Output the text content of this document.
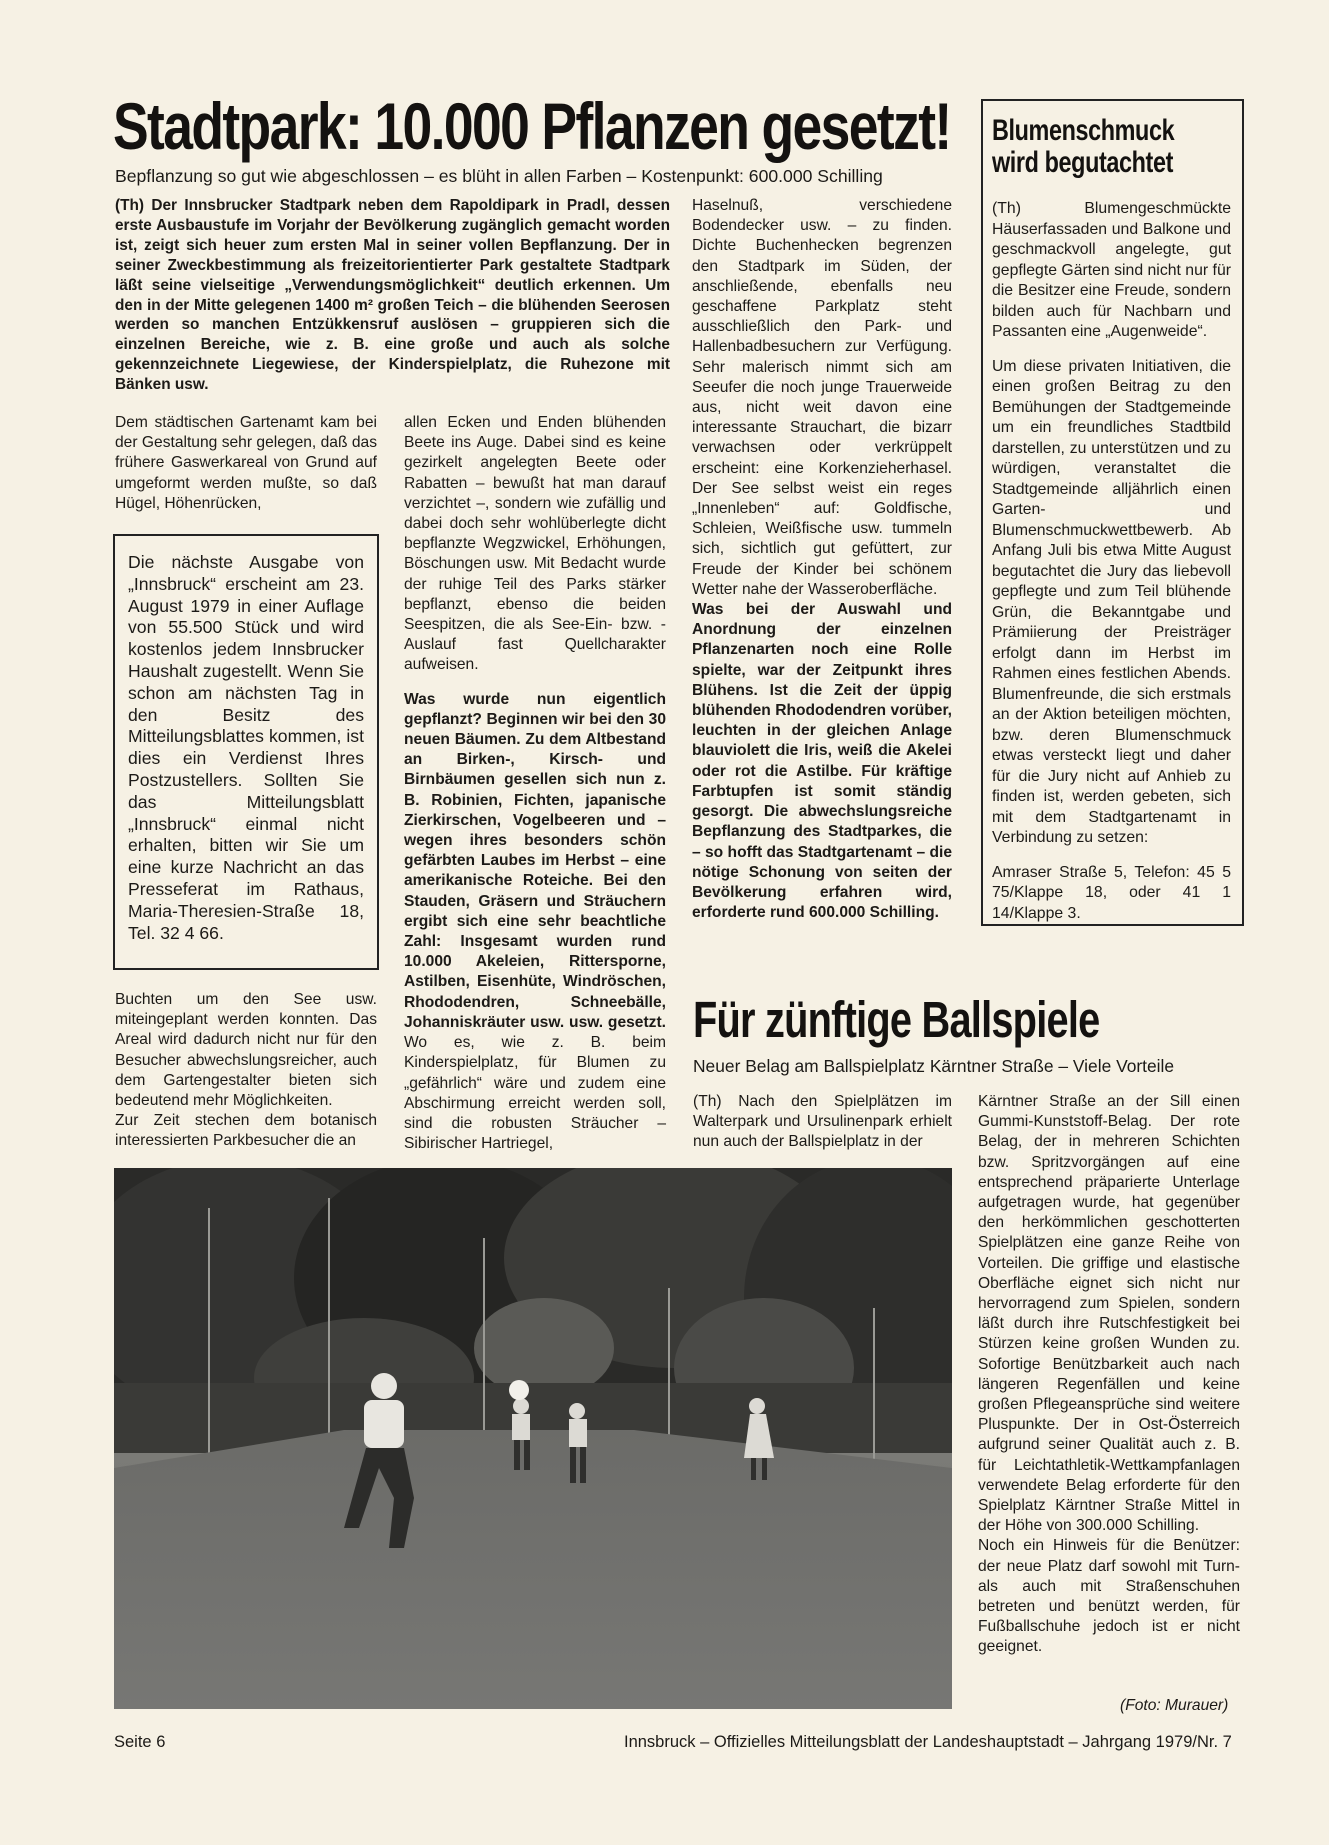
Stadtpark: 10.000 Pflanzen gesetzt!
Bepflanzung so gut wie abgeschlossen – es blüht in allen Farben – Kostenpunkt: 600.000 Schilling
(Th) Der Innsbrucker Stadtpark neben dem Rapoldipark in Pradl, dessen erste Ausbaustufe im Vorjahr der Bevölkerung zugänglich gemacht worden ist, zeigt sich heuer zum ersten Mal in seiner vollen Bepflanzung. Der in seiner Zweckbestimmung als freizeitorientierter Park gestaltete Stadtpark läßt seine vielseitige „Verwendungsmöglichkeit“ deutlich erkennen. Um den in der Mitte gelegenen 1400 m² großen Teich – die blühenden Seerosen werden so manchen Entzükkensruf auslösen – gruppieren sich die einzelnen Bereiche, wie z. B. eine große und auch als solche gekennzeichnete Liegewiese, der Kinderspielplatz, die Ruhezone mit Bänken usw.
Dem städtischen Gartenamt kam bei der Gestaltung sehr gelegen, daß das frühere Gaswerkareal von Grund auf umgeformt werden mußte, so daß Hügel, Höhenrücken,
Die nächste Ausgabe von „Innsbruck“ erscheint am 23. August 1979 in einer Auflage von 55.500 Stück und wird kostenlos jedem Innsbrucker Haushalt zugestellt. Wenn Sie schon am nächsten Tag in den Besitz des Mitteilungsblattes kommen, ist dies ein Verdienst Ihres Postzustellers. Sollten Sie das Mitteilungsblatt „Innsbruck“ einmal nicht erhalten, bitten wir Sie um eine kurze Nachricht an das Presseferat im Rathaus, Maria-Theresien-Straße 18, Tel. 32 4 66.

Buchten um den See usw. miteingeplant werden konnten. Das Areal wird dadurch nicht nur für den Besucher abwechslungsreicher, auch dem Gartengestalter bieten sich bedeutend mehr Möglichkeiten.

Zur Zeit stechen dem botanisch interessierten Parkbesucher die an

allen Ecken und Enden blühenden Beete ins Auge. Dabei sind es keine gezirkelt angelegten Beete oder Rabatten – bewußt hat man darauf verzichtet –, sondern wie zufällig und dabei doch sehr wohlüberlegte dicht bepflanzte Wegzwickel, Erhöhungen, Böschungen usw. Mit Bedacht wurde der ruhige Teil des Parks stärker bepflanzt, ebenso die beiden Seespitzen, die als See-Ein- bzw. -Auslauf fast Quellcharakter aufweisen.

Was wurde nun eigentlich gepflanzt? Beginnen wir bei den 30 neuen Bäumen. Zu dem Altbestand an Birken-, Kirsch- und Birnbäumen gesellen sich nun z. B. Robinien, Fichten, japanische Zierkirschen, Vogelbeeren und – wegen ihres besonders schön gefärbten Laubes im Herbst – eine amerikanische Roteiche. Bei den Stauden, Gräsern und Sträuchern ergibt sich eine sehr beachtliche Zahl: Insgesamt wurden rund 10.000 Akeleien, Rittersporne, Astilben, Eisenhüte, Windröschen, Rhododendren, Schneebälle, Johanniskräuter usw. usw. gesetzt. Wo es, wie z. B. beim Kinderspielplatz, für Blumen zu „gefährlich“ wäre und zudem eine Abschirmung erreicht werden soll, sind die robusten Sträucher – Sibirischer Hartriegel,

Haselnuß, verschiedene Bodendecker usw. – zu finden. Dichte Buchenhecken begrenzen den Stadtpark im Süden, der anschließende, ebenfalls neu geschaffene Parkplatz steht ausschließlich den Park- und Hallenbadbesuchern zur Verfügung. Sehr malerisch nimmt sich am Seeufer die noch junge Trauerweide aus, nicht weit davon eine interessante Strauchart, die bizarr verwachsen oder verkrüppelt erscheint: eine Korkenzieherhasel. Der See selbst weist ein reges „Innenleben“ auf: Goldfische, Schleien, Weißfische usw. tummeln sich, sichtlich gut gefüttert, zur Freude der Kinder bei schönem Wetter nahe der Wasseroberfläche.

Was bei der Auswahl und Anordnung der einzelnen Pflanzenarten noch eine Rolle spielte, war der Zeitpunkt ihres Blühens. Ist die Zeit der üppig blühenden Rhododendren vorüber, leuchten in der gleichen Anlage blauviolett die Iris, weiß die Akelei oder rot die Astilbe. Für kräftige Farbtupfen ist somit ständig gesorgt. Die abwechslungsreiche Bepflanzung des Stadtparkes, die – so hofft das Stadtgartenamt – die nötige Schonung von seiten der Bevölkerung erfahren wird, erforderte rund 600.000 Schilling.

Blumenschmuck
wird begutachtet

(Th) Blumengeschmückte Häuserfassaden und Balkone und geschmackvoll angelegte, gut gepflegte Gärten sind nicht nur für die Besitzer eine Freude, sondern bilden auch für Nachbarn und Passanten eine „Augenweide“.

Um diese privaten Initiativen, die einen großen Beitrag zu den Bemühungen der Stadtgemeinde um ein freundliches Stadtbild darstellen, zu unterstützen und zu würdigen, veranstaltet die Stadtgemeinde alljährlich einen Garten- und Blumenschmuckwettbewerb. Ab Anfang Juli bis etwa Mitte August begutachtet die Jury das liebevoll gepflegte und zum Teil blühende Grün, die Bekanntgabe und Prämiierung der Preisträger erfolgt dann im Herbst im Rahmen eines festlichen Abends. Blumenfreunde, die sich erstmals an der Aktion beteiligen möchten, bzw. deren Blumenschmuck etwas versteckt liegt und daher für die Jury nicht auf Anhieb zu finden ist, werden gebeten, sich mit dem Stadtgartenamt in Verbindung zu setzen:

Amraser Straße 5, Telefon: 45 5 75/Klappe 18, oder 41 1 14/Klappe 3.

Für zünftige Ballspiele
Neuer Belag am Ballspielplatz Kärntner Straße – Viele Vorteile
(Th) Nach den Spielplätzen im Walterpark und Ursulinenpark erhielt nun auch der Ballspielplatz in der

Kärntner Straße an der Sill einen Gummi-Kunststoff-Belag. Der rote Belag, der in mehreren Schichten bzw. Spritzvorgängen auf eine entsprechend präparierte Unterlage aufgetragen wurde, hat gegenüber den herkömmlichen geschotterten Spielplätzen eine ganze Reihe von Vorteilen. Die griffige und elastische Oberfläche eignet sich nicht nur hervorragend zum Spielen, sondern läßt durch ihre Rutschfestigkeit bei Stürzen keine großen Wunden zu. Sofortige Benützbarkeit auch nach längeren Regenfällen und keine großen Pflegeansprüche sind weitere Pluspunkte. Der in Ost-Österreich aufgrund seiner Qualität auch z. B. für Leichtathletik-Wettkampfanlagen verwendete Belag erforderte für den Spielplatz Kärntner Straße Mittel in der Höhe von 300.000 Schilling.

Noch ein Hinweis für die Benützer: der neue Platz darf sowohl mit Turn- als auch mit Straßenschuhen betreten und benützt werden, für Fußballschuhe jedoch ist er nicht geeignet.

(Foto: Murauer)
Seite 6	Innsbruck – Offizielles Mitteilungsblatt der Landeshauptstadt – Jahrgang 1979/Nr. 7
